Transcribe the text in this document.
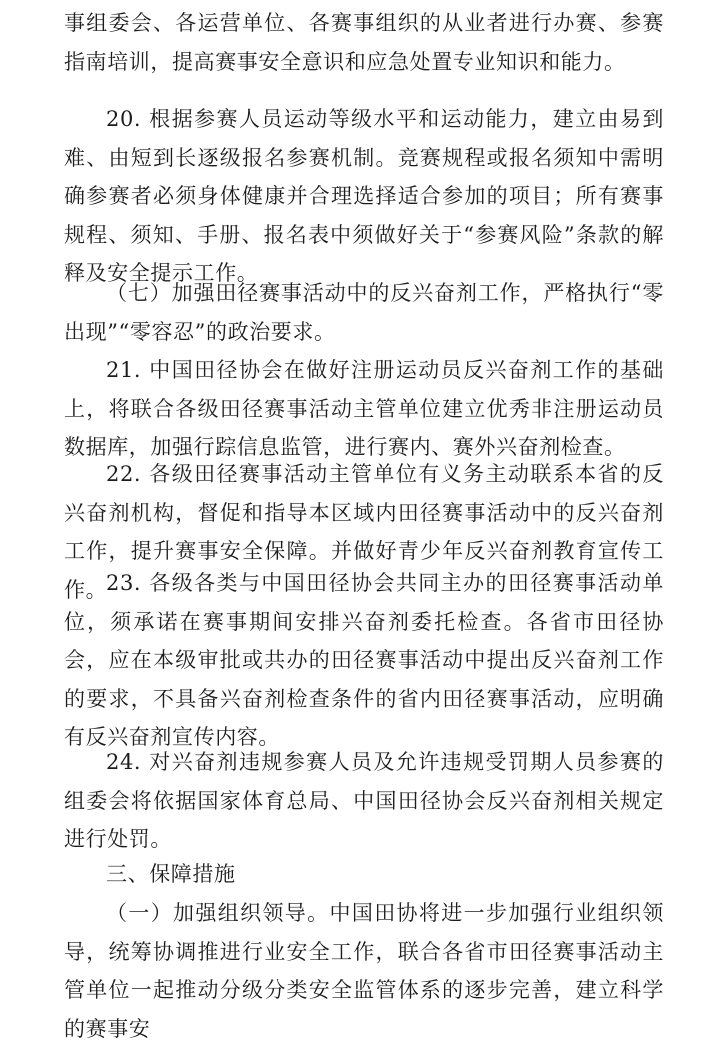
事组委会、各运营单位、各赛事组织的从业者进行办赛、参赛指南培训，提高赛事安全意识和应急处置专业知识和能力。

20. 根据参赛人员运动等级水平和运动能力，建立由易到难、由短到长逐级报名参赛机制。竞赛规程或报名须知中需明确参赛者必须身体健康并合理选择适合参加的项目；所有赛事规程、须知、手册、报名表中须做好关于“参赛风险”条款的解释及安全提示工作。

（七）加强田径赛事活动中的反兴奋剂工作，严格执行“零出现”“零容忍”的政治要求。

21. 中国田径协会在做好注册运动员反兴奋剂工作的基础上，将联合各级田径赛事活动主管单位建立优秀非注册运动员数据库，加强行踪信息监管，进行赛内、赛外兴奋剂检查。

22. 各级田径赛事活动主管单位有义务主动联系本省的反兴奋剂机构，督促和指导本区域内田径赛事活动中的反兴奋剂工作，提升赛事安全保障。并做好青少年反兴奋剂教育宣传工作。

23. 各级各类与中国田径协会共同主办的田径赛事活动单位，须承诺在赛事期间安排兴奋剂委托检查。各省市田径协会，应在本级审批或共办的田径赛事活动中提出反兴奋剂工作的要求，不具备兴奋剂检查条件的省内田径赛事活动，应明确有反兴奋剂宣传内容。

24. 对兴奋剂违规参赛人员及允许违规受罚期人员参赛的组委会将依据国家体育总局、中国田径协会反兴奋剂相关规定进行处罚。

三、保障措施

（一）加强组织领导。中国田协将进一步加强行业组织领导，统筹协调推进行业安全工作，联合各省市田径赛事活动主管单位一起推动分级分类安全监管体系的逐步完善，建立科学的赛事安
